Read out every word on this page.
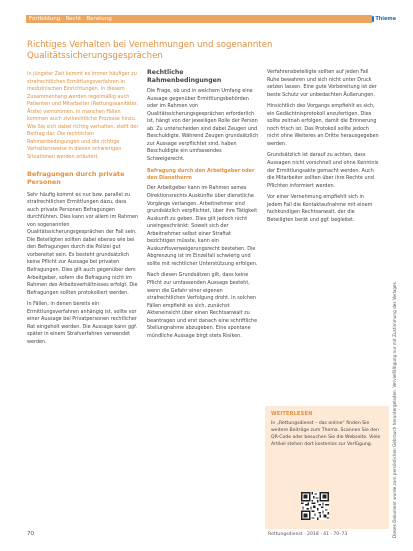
Fortbildung · Recht · Beratung	Thieme
Richtiges Verhalten bei Vernehmungen und sogenannten Qualitätssicherungsgesprächen

In jüngster Zeit kommt es immer häufiger zu strafrechtlichen Ermittlungsverfahren in medizinischen Einrichtungen. In diesem Zusammenhang werden regelmäßig auch Patienten und Mitarbeiter (Rettungssanitäter, Ärzte) vernommen. In manchen Fällen kommen auch zivilrechtliche Prozesse hinzu. Wie Sie sich dabei richtig verhalten, stellt der Beitrag dar. Die rechtlichen Rahmenbedingungen und die richtige Verhaltensweise in diesen schwierigen Situationen werden erläutert.

Befragungen durch private Personen

Sehr häufig kommt es nur bzw. parallel zu strafrechtlichen Ermittlungen dazu, dass auch private Personen Befragungen durchführen. Dies kann vor allem im Rahmen von sogenannten Qualitätssicherungsgesprächen der Fall sein. Die Beteiligten sollten dabei ebenso wie bei den Befragungen durch die Polizei gut vorbereitet sein. Es besteht grundsätzlich keine Pflicht zur Aussage bei privaten Befragungen. Dies gilt auch gegenüber dem Arbeitgeber, sofern die Befragung nicht im Rahmen des Arbeitsverhältnisses erfolgt. Die Befragungen sollten protokolliert werden.

In Fällen, in denen bereits ein Ermittlungsverfahren anhängig ist, sollte vor einer Aussage bei Privatpersonen rechtlicher Rat eingeholt werden. Die Aussage kann ggf. später in einem Strafverfahren verwendet werden.

Rechtliche Rahmenbedingungen

Die Frage, ob und in welchem Umfang eine Aussage gegenüber Ermittlungsbehörden oder im Rahmen von Qualitätssicherungsgesprächen erforderlich ist, hängt von der jeweiligen Rolle der Person ab. Zu unterscheiden sind dabei Zeugen und Beschuldigte. Während Zeugen grundsätzlich zur Aussage verpflichtet sind, haben Beschuldigte ein umfassendes Schweigerecht.

Befragung durch den Arbeitgeber oder den Dienstherrn

Der Arbeitgeber kann im Rahmen seines Direktionsrechts Auskünfte über dienstliche Vorgänge verlangen. Arbeitnehmer sind grundsätzlich verpflichtet, über ihre Tätigkeit Auskunft zu geben. Dies gilt jedoch nicht uneingeschränkt: Soweit sich der Arbeitnehmer selbst einer Straftat bezichtigen müsste, kann ein Auskunftsverweigerungsrecht bestehen. Die Abgrenzung ist im Einzelfall schwierig und sollte mit rechtlicher Unterstützung erfolgen.

Nach diesen Grundsätzen gilt, dass keine Pflicht zur umfassenden Aussage besteht, wenn die Gefahr einer eigenen strafrechtlichen Verfolgung droht. In solchen Fällen empfiehlt es sich, zunächst Akteneinsicht über einen Rechtsanwalt zu beantragen und erst danach eine schriftliche Stellungnahme abzugeben. Eine spontane mündliche Aussage birgt stets Risiken.

Verfahrensbeteiligte sollten auf jeden Fall Ruhe bewahren und sich nicht unter Druck setzen lassen. Eine gute Vorbereitung ist der beste Schutz vor unbedachten Äußerungen.

Hinsichtlich des Vorgangs empfiehlt es sich, ein Gedächtnisprotokoll anzufertigen. Dies sollte zeitnah erfolgen, damit die Erinnerung noch frisch ist. Das Protokoll sollte jedoch nicht ohne Weiteres an Dritte herausgegeben werden.

Grundsätzlich ist darauf zu achten, dass Aussagen nicht vorschnell und ohne Kenntnis der Ermittlungsakte gemacht werden. Auch die Mitarbeiter sollten über ihre Rechte und Pflichten informiert werden.

Vor einer Vernehmung empfiehlt sich in jedem Fall die Kontaktaufnahme mit einem fachkundigen Rechtsanwalt, der die Beteiligten berät und ggf. begleitet.

WEITERLESEN
In „Rettungsdienst – das online“ finden Sie weitere Beiträge zum Thema. Scannen Sie den QR-Code oder besuchen Sie die Webseite. Viele Artikel stehen dort kostenlos zur Verfügung.	Dieses Dokument wurde zum persönlichen Gebrauch heruntergeladen. Vervielfältigung nur mit Zustimmung des Verlages.
70	Rettungsdienst · 2018 · 41 · 70–73
